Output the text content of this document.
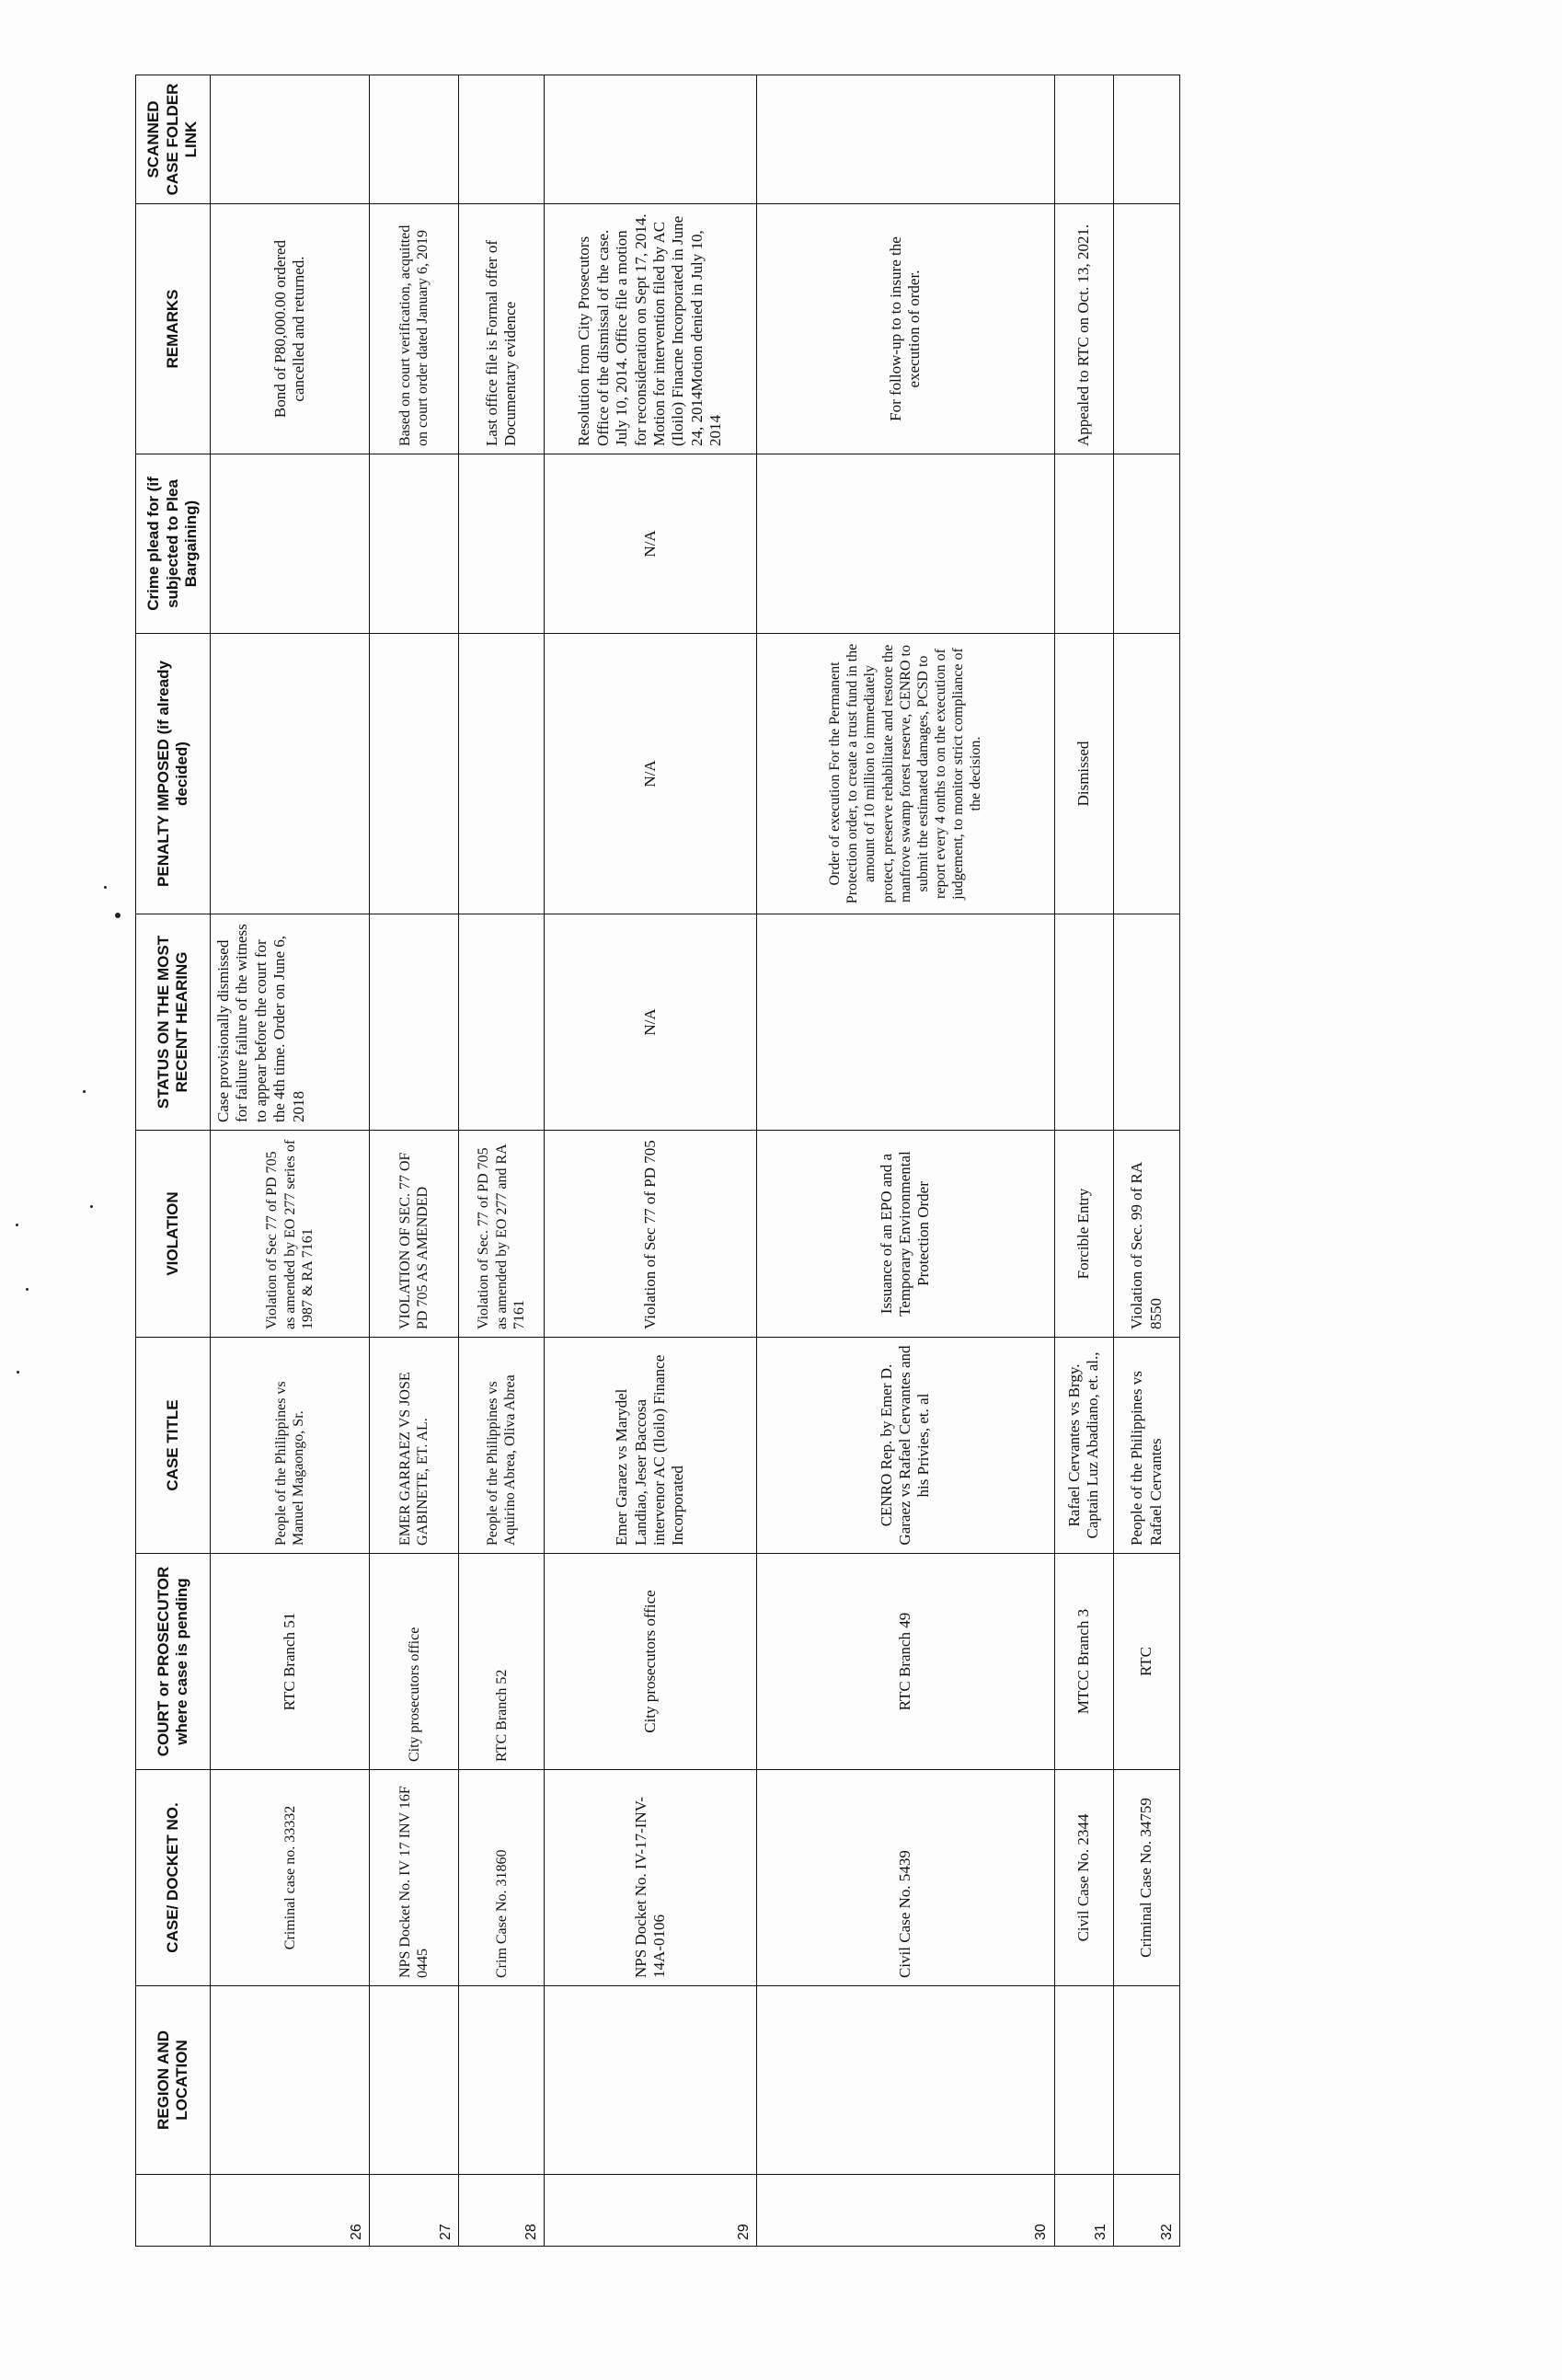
	REGION AND LOCATION	CASE/ DOCKET NO.	COURT or PROSECUTOR where case is pending	CASE TITLE	VIOLATION	STATUS ON THE MOST RECENT HEARING	PENALTY IMPOSED (if already decided)	Crime plead for (if subjected to Plea Bargaining)	REMARKS	SCANNED CASE FOLDER LINK
26		Criminal case no. 33332	RTC Branch 51	People of the Philippines vs Manuel Magaongo, Sr.	Violation of Sec 77 of PD 705 as amended by EO 277 series of 1987 & RA 7161	Case provisionally dismissed for failure failure of the witness to appear before the court for the 4th time. Order on June 6, 2018			Bond of P80,000.00 ordered cancelled and returned.	
27		NPS Docket No. IV 17 INV 16F 0445	City prosecutors office	EMER GARRAEZ VS JOSE GABINETE, ET. AL.	VIOLATION OF SEC. 77 OF PD 705 AS AMENDED				Based on court verification, acquitted on court order dated January 6, 2019	
28		Crim Case No. 31860	RTC Branch 52	People of the Philippines vs Aquirino Abrea, Oliva Abrea	Violation of Sec. 77 of PD 705 as amended by EO 277 and RA 7161				Last office file is Formal offer of Documentary evidence	
29		NPS Docket No. IV-17-INV-14A-0106	City prosecutors office	Emer Garaez vs Marydel Landiao, Jeser Baccosa intervenor AC (Iloilo) Finance Incorporated	Violation of Sec 77 of PD 705	N/A	N/A	N/A	Resolution from City Prosecutors Office of the dismissal of the case. July 10, 2014. Office file a motion for reconsideration on Sept 17, 2014. Motion for intervention filed by AC (Iloilo) Finacne Incorporated in June 24, 2014Motion denied in July 10, 2014	
30		Civil Case No. 5439	RTC Branch 49	CENRO Rep. by Emer D. Garaez vs Rafael Cervantes and his Privies, et. al	Issuance of an EPO and a Temporary Environmental Protection Order		Order of execution For the Permanent Protection order, to create a trust fund in the amount of 10 million to immediately protect, preserve rehabilitate and restore the manfrove swamp forest reserve, CENRO to submit the estimated damages, PCSD to report every 4 onths to on the execution of judgement, to monitor strict compliance of the decision.		For follow-up to to insure the execution of order.	
31		Civil Case No. 2344	MTCC Branch 3	Rafael Cervantes vs Brgy. Captain Luz Abadiano, et. al.,	Forcible Entry		Dismissed		Appealed to RTC on Oct. 13, 2021.	
32		Criminal Case No. 34759	RTC	People of the Philippines vs Rafael Cervantes	Violation of Sec. 99 of RA 8550					
